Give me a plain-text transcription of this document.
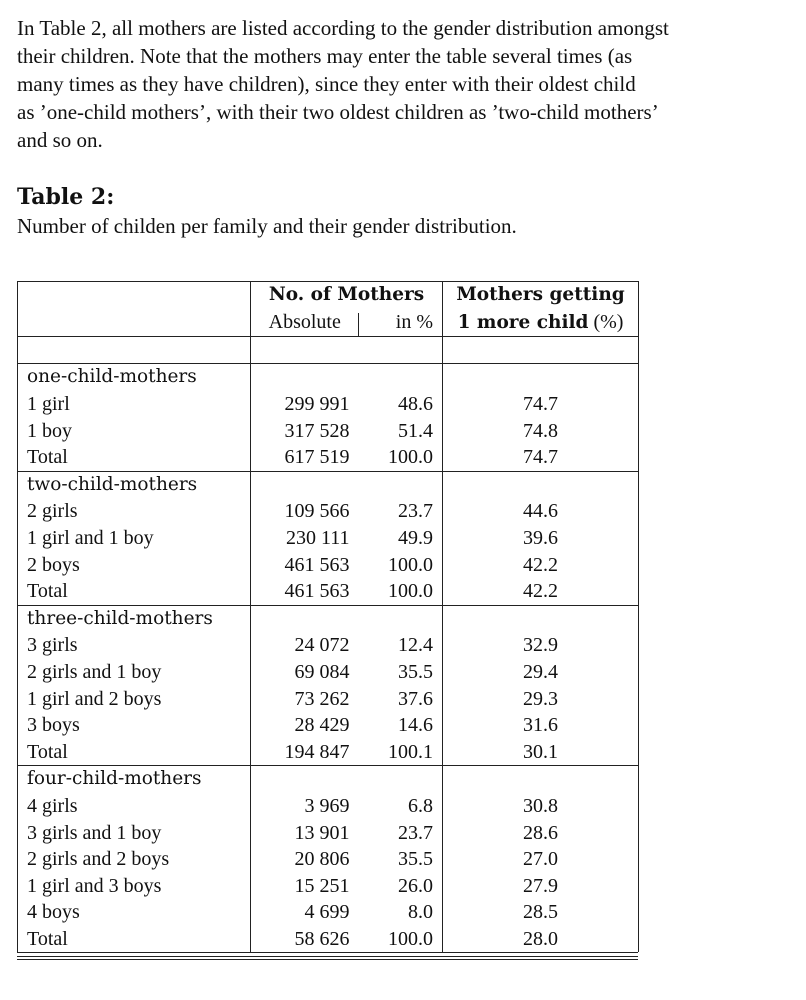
In Table 2, all mothers are listed according to the gender distribution amongst
their children. Note that the mothers may enter the table several times (as
many times as they have children), since they enter with their oldest child
as ’one-child mothers’, with their two oldest children as ’two-child mothers’
and so on.
Table 2:
Number of childen per family and their gender distribution.
	No. of Mothers		Mothers getting
	Absolute	in %	1 more child (%)

one-child-mothers			
1 girl	299 991	48.6	74.7
1 boy	317 528	51.4	74.8
Total	617 519	100.0	74.7
two-child-mothers			
2 girls	109 566	23.7	44.6
1 girl and 1 boy	230 111	49.9	39.6
2 boys	461 563	100.0	42.2
Total	461 563	100.0	42.2
three-child-mothers			
3 girls	24 072	12.4	32.9
2 girls and 1 boy	69 084	35.5	29.4
1 girl and 2 boys	73 262	37.6	29.3
3 boys	28 429	14.6	31.6
Total	194 847	100.1	30.1
four-child-mothers			
4 girls	3 969	6.8	30.8
3 girls and 1 boy	13 901	23.7	28.6
2 girls and 2 boys	20 806	35.5	27.0
1 girl and 3 boys	15 251	26.0	27.9
4 boys	4 699	8.0	28.5
Total	58 626	100.0	28.0
